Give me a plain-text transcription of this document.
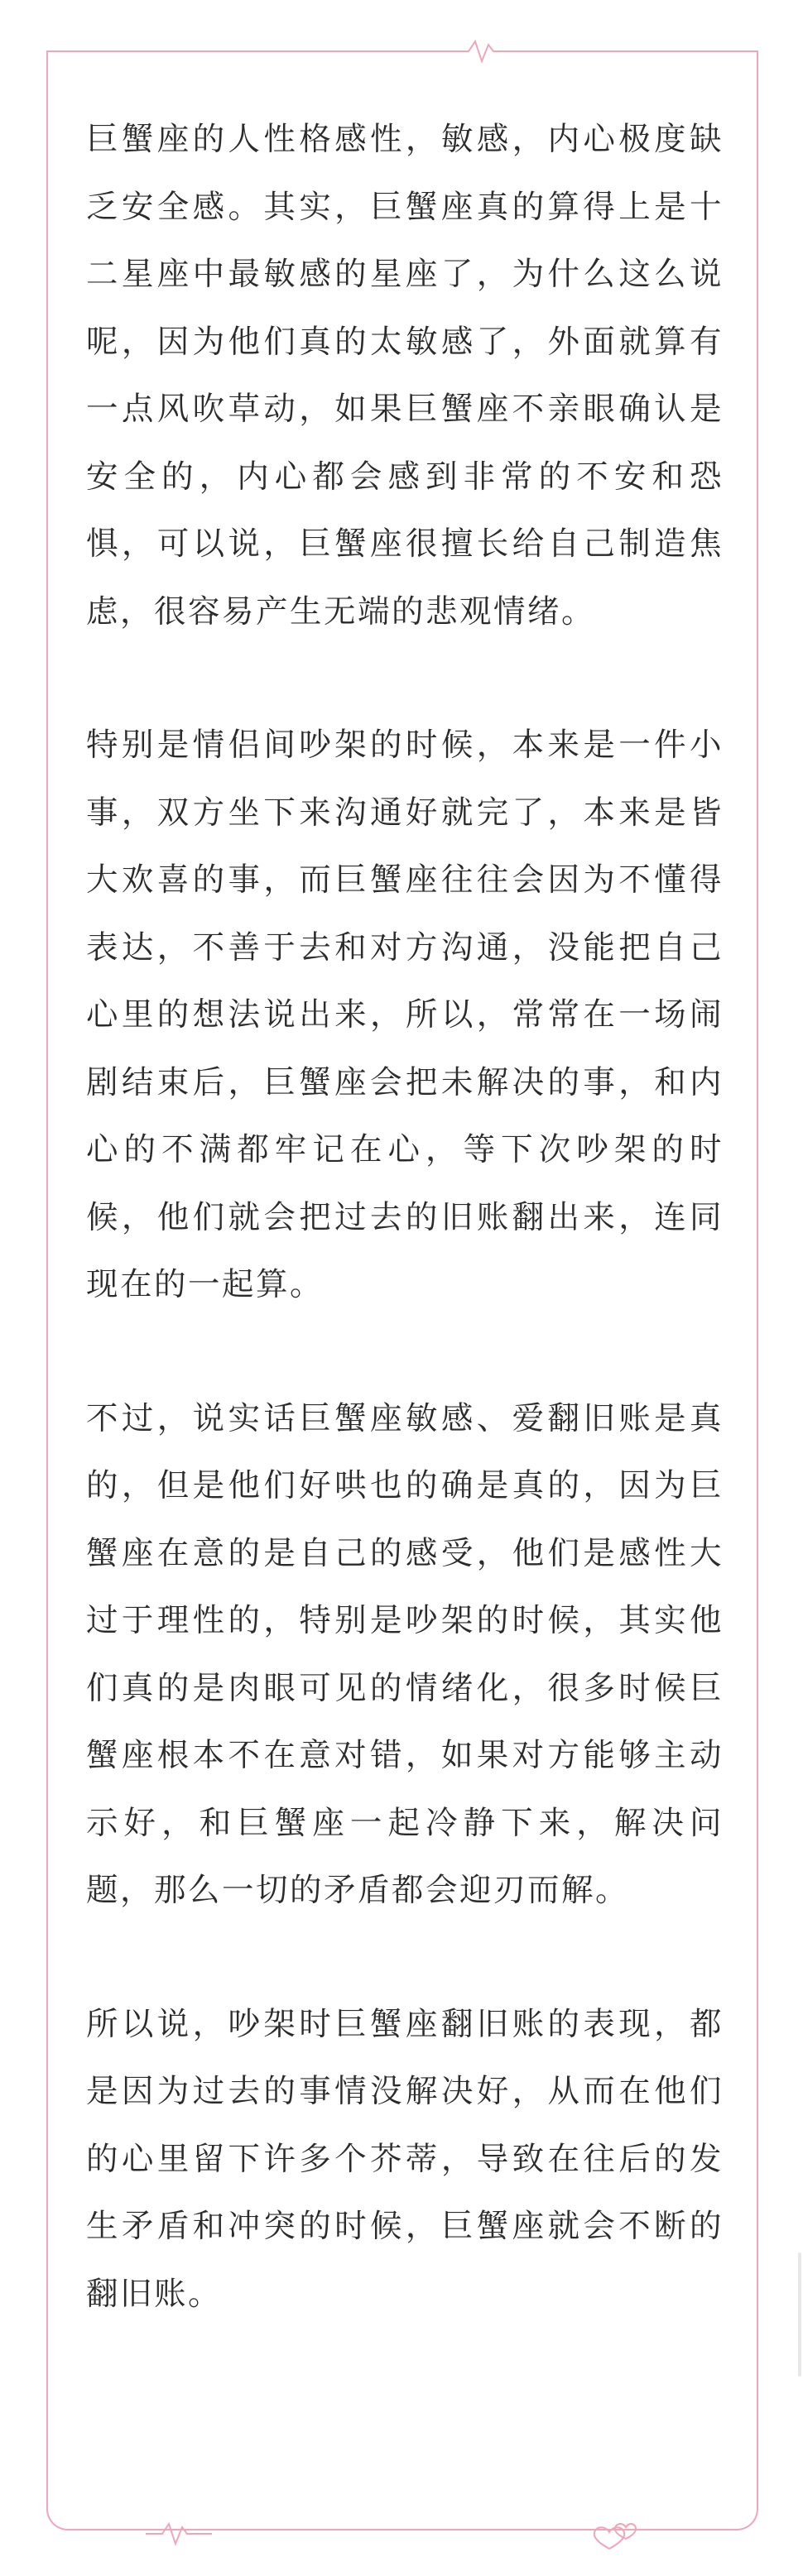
巨蟹座的人性格感性，敏感，内心极度缺乏安全感。其实，巨蟹座真的算得上是十二星座中最敏感的星座了，为什么这么说呢，因为他们真的太敏感了，外面就算有一点风吹草动，如果巨蟹座不亲眼确认是安全的，内心都会感到非常的不安和恐惧，可以说，巨蟹座很擅长给自己制造焦虑，很容易产生无端的悲观情绪。

特别是情侣间吵架的时候，本来是一件小事，双方坐下来沟通好就完了，本来是皆大欢喜的事，而巨蟹座往往会因为不懂得表达，不善于去和对方沟通，没能把自己心里的想法说出来，所以，常常在一场闹剧结束后，巨蟹座会把未解决的事，和内心的不满都牢记在心，等下次吵架的时候，他们就会把过去的旧账翻出来，连同现在的一起算。

不过，说实话巨蟹座敏感、爱翻旧账是真的，但是他们好哄也的确是真的，因为巨蟹座在意的是自己的感受，他们是感性大过于理性的，特别是吵架的时候，其实他们真的是肉眼可见的情绪化，很多时候巨蟹座根本不在意对错，如果对方能够主动示好，和巨蟹座一起冷静下来，解决问题，那么一切的矛盾都会迎刃而解。

所以说，吵架时巨蟹座翻旧账的表现，都是因为过去的事情没解决好，从而在他们的心里留下许多个芥蒂，导致在往后的发生矛盾和冲突的时候，巨蟹座就会不断的翻旧账。
